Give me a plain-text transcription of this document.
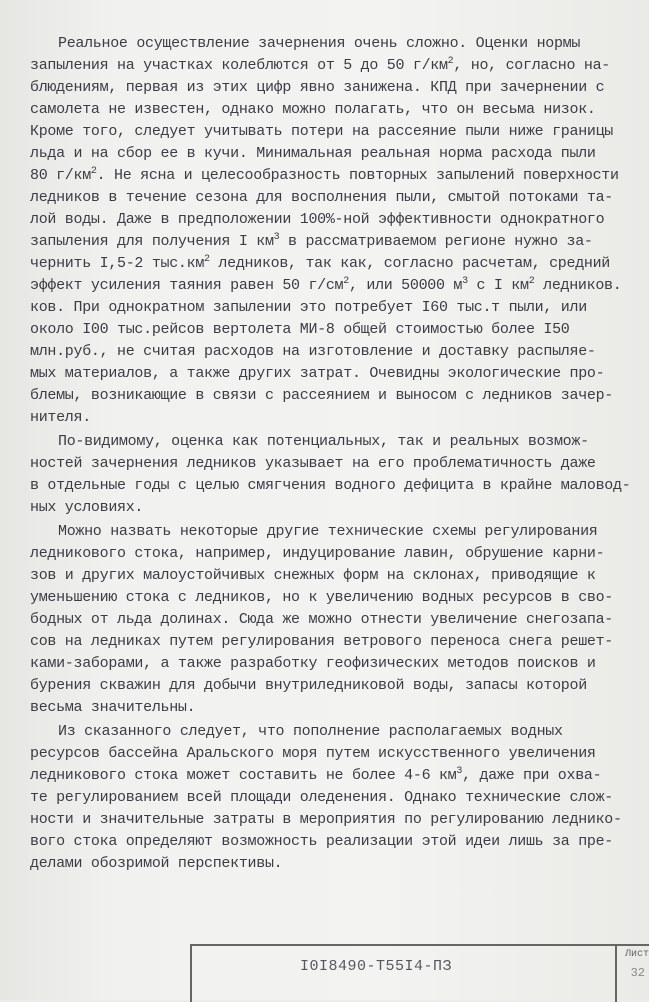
Реальное осуществление зачернения очень сложно. Оценки нормы
запыления на участках колеблются от 5 до 50 $г/км^2$, но, согласно на-
блюдениям, первая из этих цифр явно занижена. КПД при зачернении с
самолета не известен, однако можно полагать, что он весьма низок.
Кроме того, следует учитывать потери на рассеяние пыли ниже границы
льда и на сбор ее в кучи. Минимальная реальная норма расхода пыли
80 $г/км^2$. Не ясна и целесообразность повторных запылений поверхности
ледников в течение сезона для восполнения пыли, смытой потоками та-
лой воды. Даже в предположении 100%-ной эффективности однократного
запыления для получения I $км^3$ в рассматриваемом регионе нужно за-
чернить I,5-2 $тыс.км^2$ ледников, так как, согласно расчетам, средний
эффект усиления таяния равен 50 $г/см^2$, или 50000 $м^3$ с I $км^2$ ледников.
ков. При однократном запылении это потребует I60 тыс.т пыли, или
около I00 тыс.рейсов вертолета МИ-8 общей стоимостью более I50
млн.руб., не считая расходов на изготовление и доставку распыляе-
мых материалов, а также других затрат. Очевидны экологические про-
блемы, возникающие в связи с рассеянием и выносом с ледников зачер-
нителя.
По-видимому, оценка как потенциальных, так и реальных возмож-
ностей зачернения ледников указывает на его проблематичность даже
в отдельные годы с целью смягчения водного дефицита в крайне маловод-
ных условиях.
Можно назвать некоторые другие технические схемы регулирования
ледникового стока, например, индуцирование лавин, обрушение карни-
зов и других малоустойчивых снежных форм на склонах, приводящие к
уменьшению стока с ледников, но к увеличению водных ресурсов в сво-
бодных от льда долинах. Сюда же можно отнести увеличение снегозапа-
сов на ледниках путем регулирования ветрового переноса снега решет-
ками-заборами, а также разработку геофизических методов поисков и
бурения скважин для добычи внутриледниковой воды, запасы которой
весьма значительны.
Из сказанного следует, что пополнение располагаемых водных
ресурсов бассейна Аральского моря путем искусственного увеличения
ледникового стока может составить не более 4-6 $км^3$, даже при охва-
те регулированием всей площади оледенения. Однако технические слож-
ности и значительные затраты в мероприятия по регулированию леднико-
вого стока определяют возможность реализации этой идеи лишь за пре-
делами обозримой перспективы.
I0I8490-Т55I4-ПЗ
Лист
32
